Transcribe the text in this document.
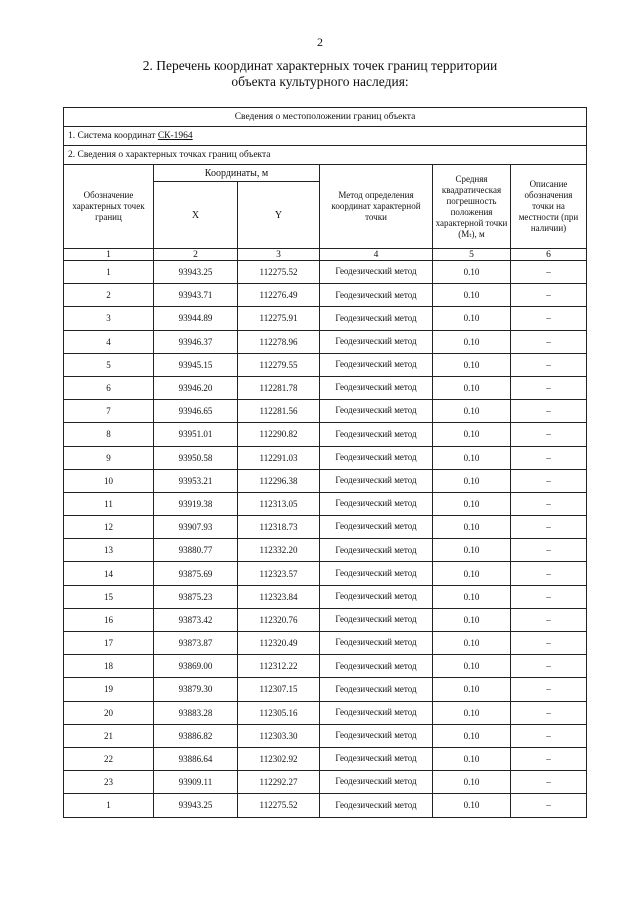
2
2. Перечень координат характерных точек границ территории
объекта культурного наследия:
Сведения о местоположении границ объекта					
1. Система координат СК-1964					
2. Сведения о характерных точках границ объекта					
Обозначение характерных точек границ	Координаты, м		Метод определения координат характерной точки	Средняя квадратическая погрешность положения характерной точки (Mₜ), м	Описание обозначения точки на местности (при наличии)
	X	Y			
1	2	3	4	5	6
1	93943.25	112275.52	Геодезический метод	0.10	–
2	93943.71	112276.49	Геодезический метод	0.10	–
3	93944.89	112275.91	Геодезический метод	0.10	–
4	93946.37	112278.96	Геодезический метод	0.10	–
5	93945.15	112279.55	Геодезический метод	0.10	–
6	93946.20	112281.78	Геодезический метод	0.10	–
7	93946.65	112281.56	Геодезический метод	0.10	–
8	93951.01	112290.82	Геодезический метод	0.10	–
9	93950.58	112291.03	Геодезический метод	0.10	–
10	93953.21	112296.38	Геодезический метод	0.10	–
11	93919.38	112313.05	Геодезический метод	0.10	–
12	93907.93	112318.73	Геодезический метод	0.10	–
13	93880.77	112332.20	Геодезический метод	0.10	–
14	93875.69	112323.57	Геодезический метод	0.10	–
15	93875.23	112323.84	Геодезический метод	0.10	–
16	93873.42	112320.76	Геодезический метод	0.10	–
17	93873.87	112320.49	Геодезический метод	0.10	–
18	93869.00	112312.22	Геодезический метод	0.10	–
19	93879.30	112307.15	Геодезический метод	0.10	–
20	93883.28	112305.16	Геодезический метод	0.10	–
21	93886.82	112303.30	Геодезический метод	0.10	–
22	93886.64	112302.92	Геодезический метод	0.10	–
23	93909.11	112292.27	Геодезический метод	0.10	–
1	93943.25	112275.52	Геодезический метод	0.10	–
